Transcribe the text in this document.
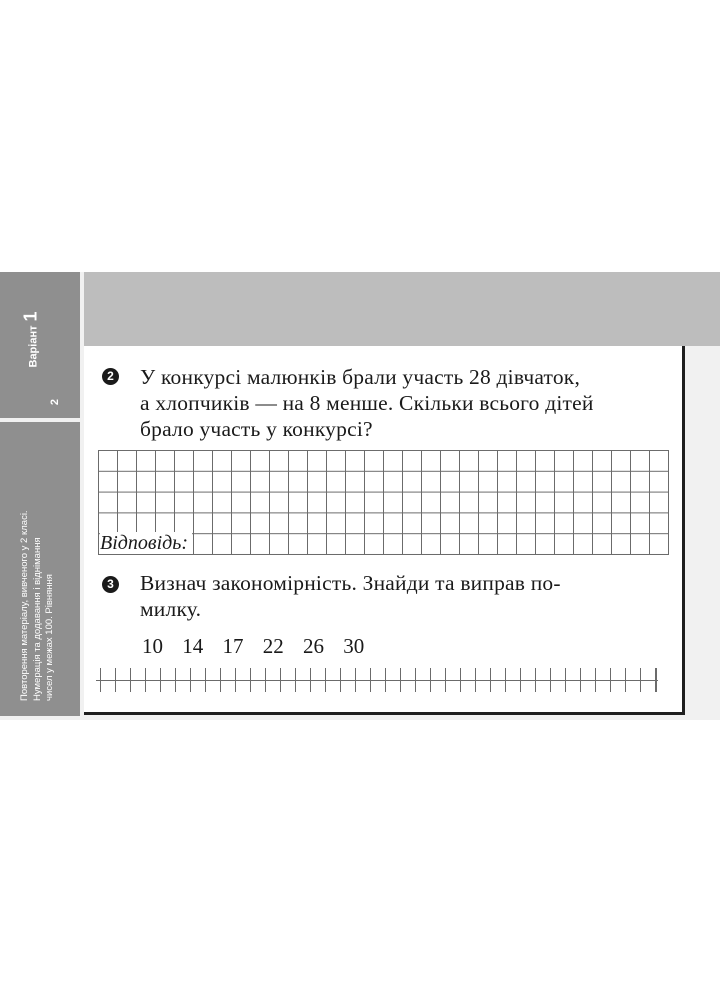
Варіант1
2
Повторення матеріалу, вивченого у 2 класі. Нумерація та додавання і віднімання чисел у межах 100. Рівняння
2 У конкурсі малюнків брали участь 28 дівчаток,
а хлопчиків — на 8 менше. Скільки всього дітей
брало участь у конкурсі?
Відповідь:
3 Визнач закономірність. Знайди та виправ по-
милку.
10 14 17 22 26 30
